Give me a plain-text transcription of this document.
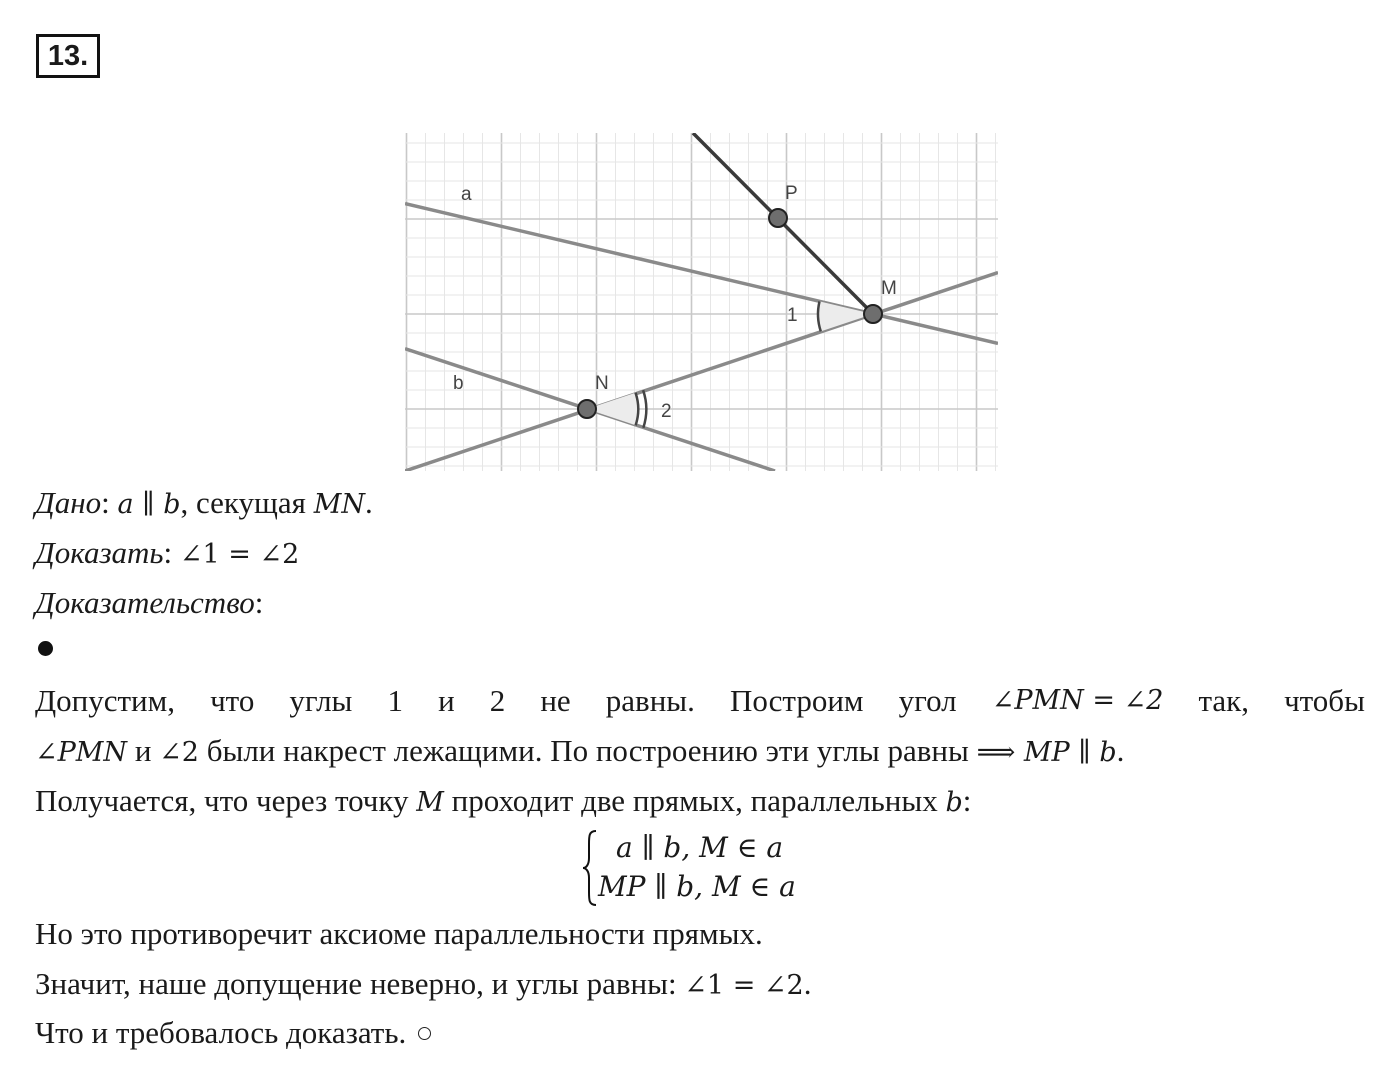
13.
a
b
P
M
N
1
2
Дано: a ∥ b, секущая MN.
Доказать: ∠1 = ∠2
Доказательство:
Допустим, что углы 1 и 2 не равны. Построим угол ∠PMN = ∠2 так, чтобы
∠PMN и ∠2 были накрест лежащими. По построению эти углы равны ⟹ MP ∥ b.
Получается, что через точку M проходит две прямых, параллельных b:
a ∥ b, M ∈ a
MP ∥ b, M ∈ a
Но это противоречит аксиоме параллельности прямых.
Значит, наше допущение неверно, и углы равны: ∠1 = ∠2.
Что и требовалось доказать.
